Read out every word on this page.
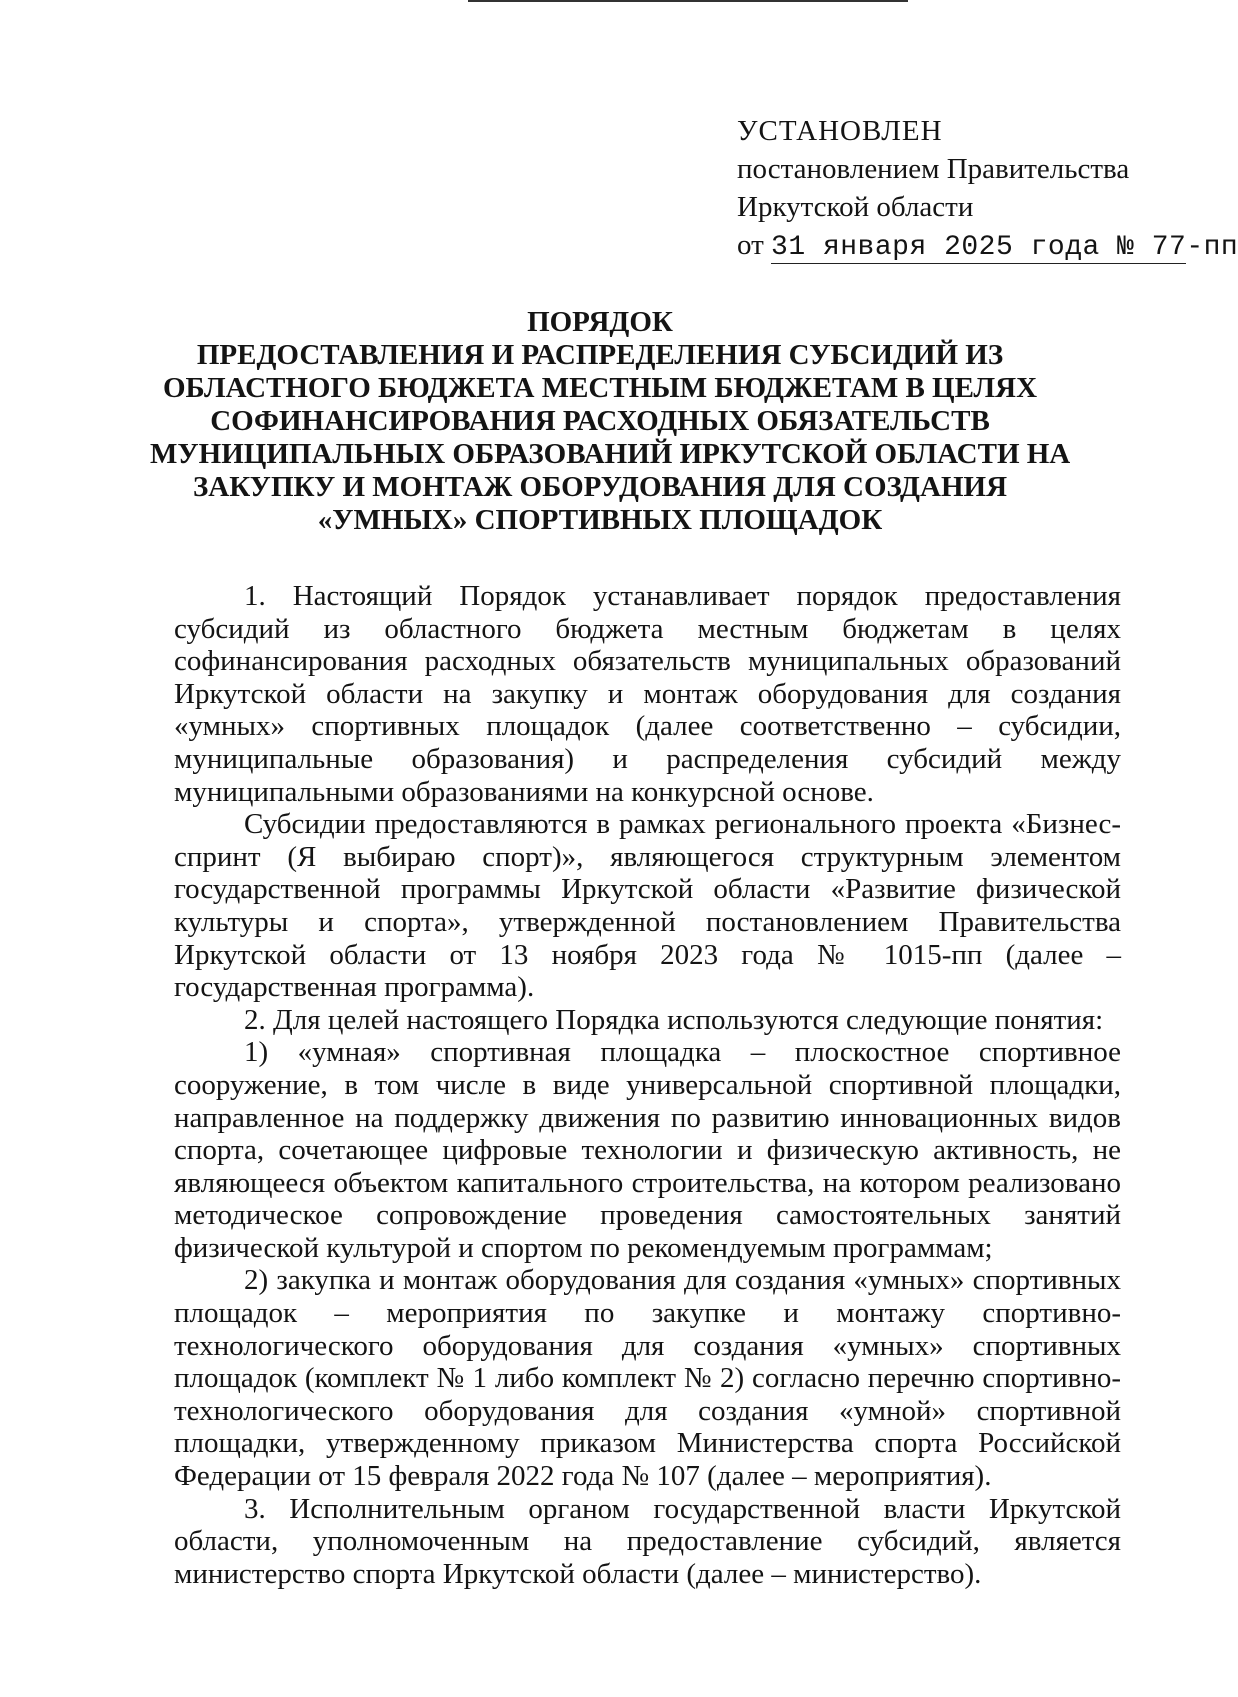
УСТАНОВЛЕН
постановлением Правительства
Иркутской области
от 31 января 2025 года № 77-пп
ПОРЯДОК
ПРЕДОСТАВЛЕНИЯ И РАСПРЕДЕЛЕНИЯ СУБСИДИЙ ИЗ
ОБЛАСТНОГО БЮДЖЕТА МЕСТНЫМ БЮДЖЕТАМ В ЦЕЛЯХ
СОФИНАНСИРОВАНИЯ РАСХОДНЫХ ОБЯЗАТЕЛЬСТВ
МУНИЦИПАЛЬНЫХ ОБРАЗОВАНИЙ ИРКУТСКОЙ ОБЛАСТИ НА
ЗАКУПКУ И МОНТАЖ ОБОРУДОВАНИЯ ДЛЯ СОЗДАНИЯ
«УМНЫХ» СПОРТИВНЫХ ПЛОЩАДОК

1. Настоящий Порядок устанавливает порядок предоставления субсидий из областного бюджета местным бюджетам в целях софинансирования расходных обязательств муниципальных образований Иркутской области на закупку и монтаж оборудования для создания «умных» спортивных площадок (далее соответственно – субсидии, муниципальные образования) и распределения субсидий между муниципальными образованиями на конкурсной основе.

Субсидии предоставляются в рамках регионального проекта «Бизнес-спринт (Я выбираю спорт)», являющегося структурным элементом государственной программы Иркутской области «Развитие физической культуры и спорта», утвержденной постановлением Правительства Иркутской области от 13 ноября 2023 года № 1015-пп (далее – государственная программа).

2. Для целей настоящего Порядка используются следующие понятия:

1) «умная» спортивная площадка – плоскостное спортивное сооружение, в том числе в виде универсальной спортивной площадки, направленное на поддержку движения по развитию инновационных видов спорта, сочетающее цифровые технологии и физическую активность, не являющееся объектом капитального строительства, на котором реализовано методическое сопровождение проведения самостоятельных занятий физической культурой и спортом по рекомендуемым программам;

2) закупка и монтаж оборудования для создания «умных» спортивных площадок – мероприятия по закупке и монтажу спортивно-технологического оборудования для создания «умных» спортивных площадок (комплект № 1 либо комплект № 2) согласно перечню спортивно-технологического оборудования для создания «умной» спортивной площадки, утвержденному приказом Министерства спорта Российской Федерации от 15 февраля 2022 года № 107 (далее – мероприятия).

3. Исполнительным органом государственной власти Иркутской области, уполномоченным на предоставление субсидий, является министерство спорта Иркутской области (далее – министерство).
